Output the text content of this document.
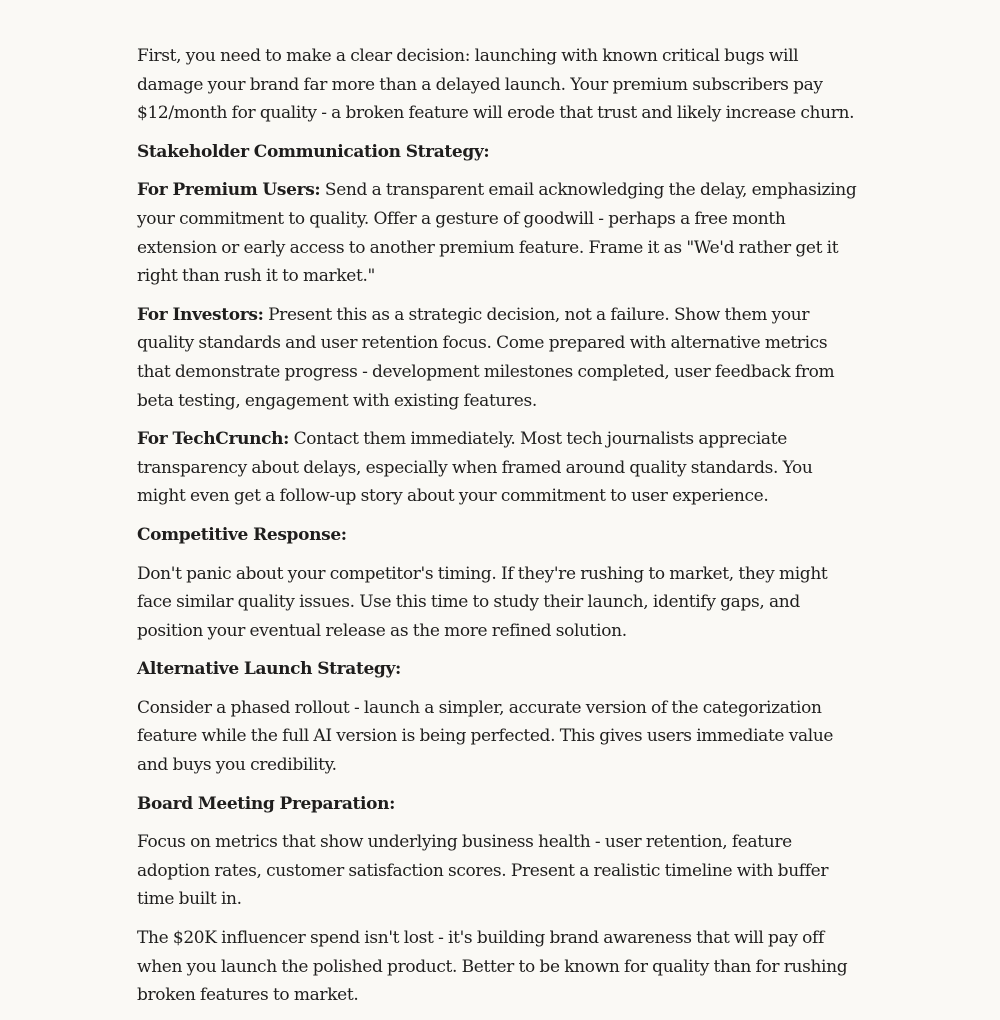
First, you need to make a clear decision: launching with known critical bugs will damage your brand far more than a delayed launch. Your premium subscribers pay $12/month for quality - a broken feature will erode that trust and likely increase churn.

Stakeholder Communication Strategy:

For Premium Users: Send a transparent email acknowledging the delay, emphasizing your commitment to quality. Offer a gesture of goodwill - perhaps a free month extension or early access to another premium feature. Frame it as "We'd rather get it right than rush it to market."

For Investors: Present this as a strategic decision, not a failure. Show them your quality standards and user retention focus. Come prepared with alternative metrics that demonstrate progress - development milestones completed, user feedback from beta testing, engagement with existing features.

For TechCrunch: Contact them immediately. Most tech journalists appreciate transparency about delays, especially when framed around quality standards. You might even get a follow-up story about your commitment to user experience.

Competitive Response:

Don't panic about your competitor's timing. If they're rushing to market, they might face similar quality issues. Use this time to study their launch, identify gaps, and position your eventual release as the more refined solution.

Alternative Launch Strategy:

Consider a phased rollout - launch a simpler, accurate version of the categorization feature while the full AI version is being perfected. This gives users immediate value and buys you credibility.

Board Meeting Preparation:

Focus on metrics that show underlying business health - user retention, feature adoption rates, customer satisfaction scores. Present a realistic timeline with buffer time built in.

The $20K influencer spend isn't lost - it's building brand awareness that will pay off when you launch the polished product. Better to be known for quality than for rushing broken features to market.
